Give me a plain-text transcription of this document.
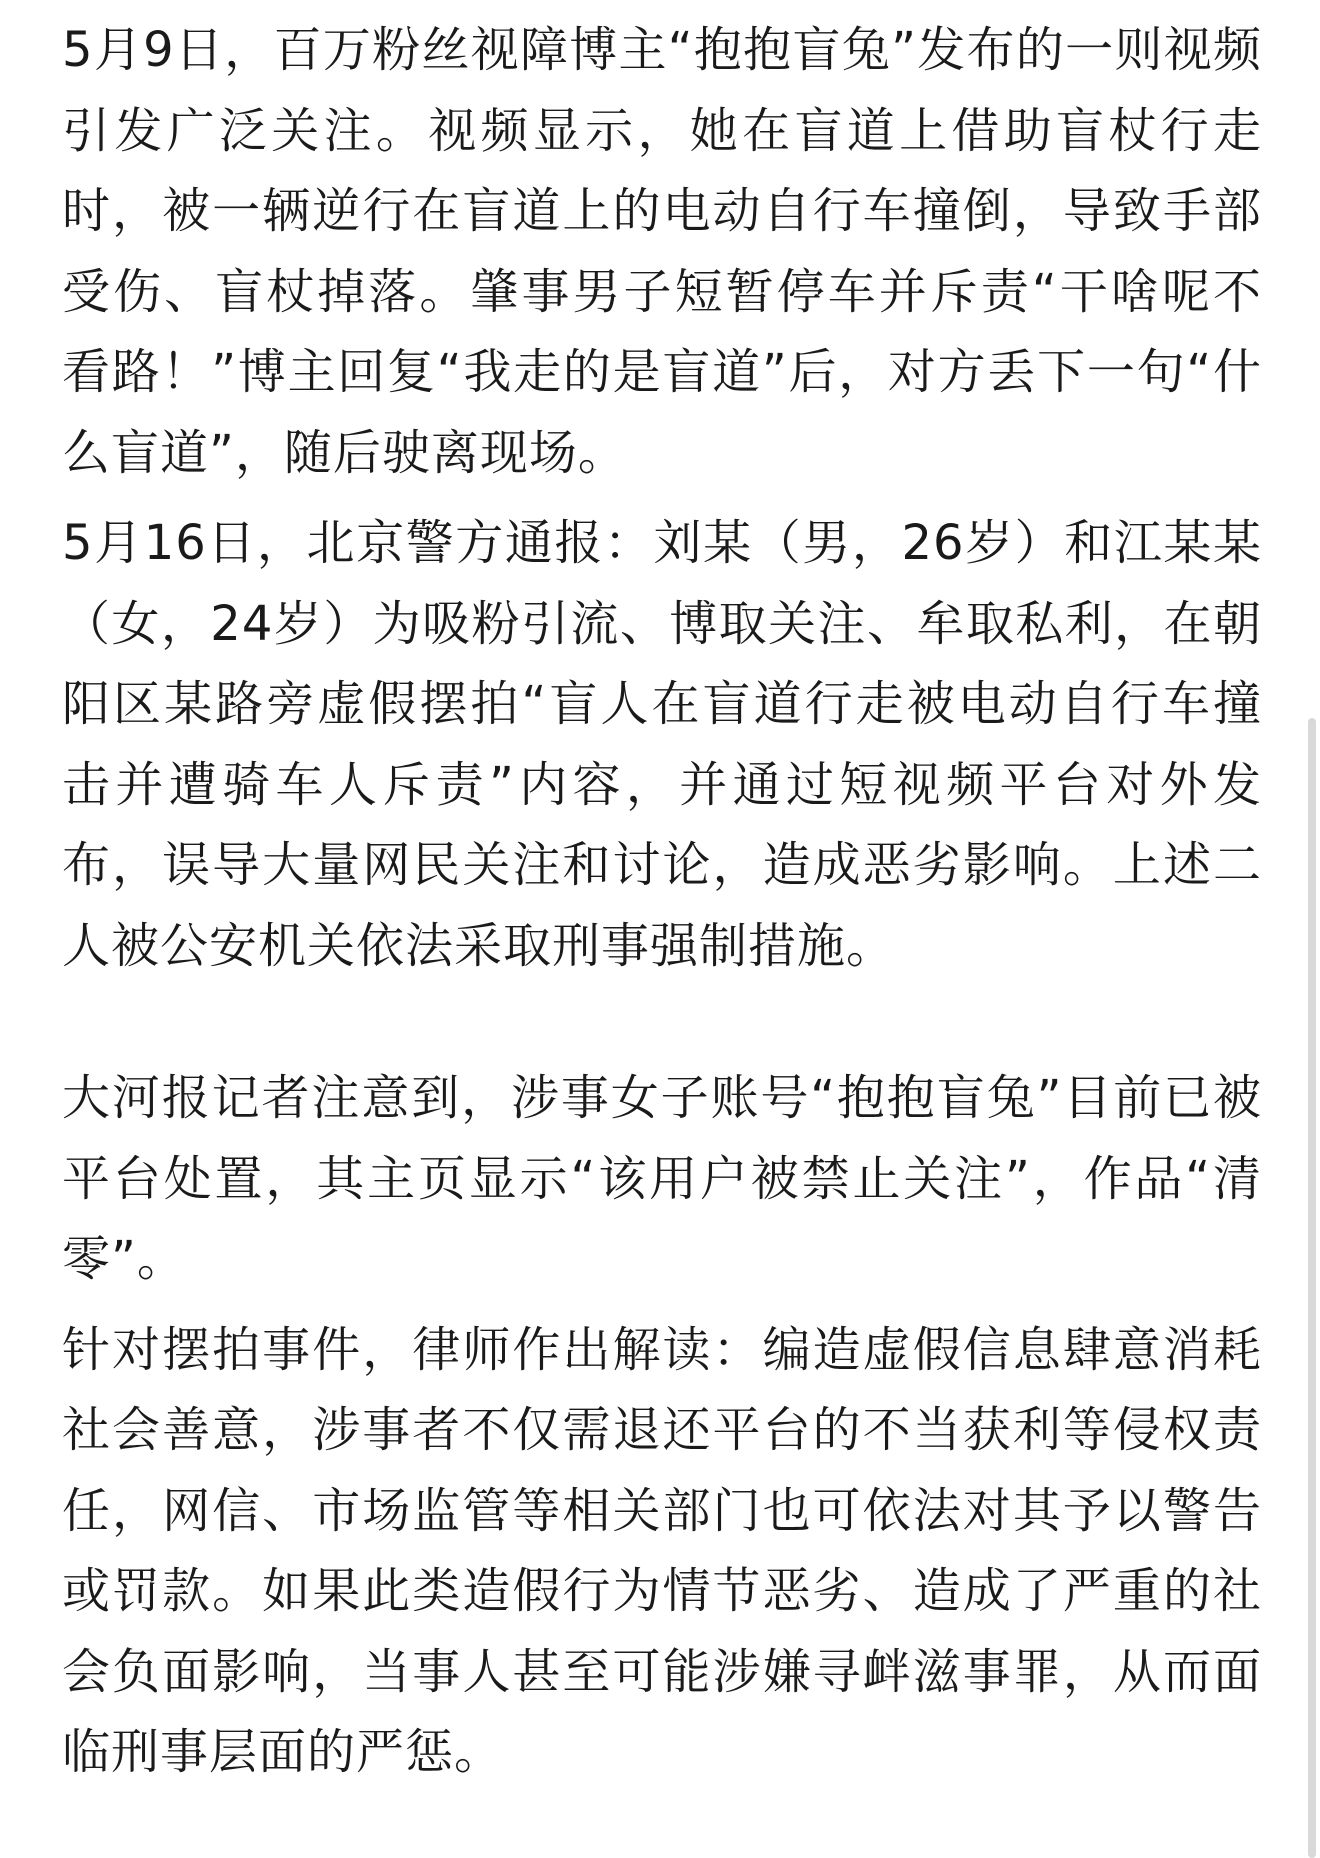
5月9日，百万粉丝视障博主“抱抱盲兔”发布的一则视频引发广泛关注。视频显示，她在盲道上借助盲杖行走时，被一辆逆行在盲道上的电动自行车撞倒，导致手部受伤、盲杖掉落。肇事男子短暂停车并斥责“干啥呢不看路！”博主回复“我走的是盲道”后，对方丢下一句“什么盲道”，随后驶离现场。

5月16日，北京警方通报：刘某（男，26岁）和江某某（女，24岁）为吸粉引流、博取关注、牟取私利，在朝阳区某路旁虚假摆拍“盲人在盲道行走被电动自行车撞击并遭骑车人斥责”内容，并通过短视频平台对外发布，误导大量网民关注和讨论，造成恶劣影响。上述二人被公安机关依法采取刑事强制措施。

大河报记者注意到，涉事女子账号“抱抱盲兔”目前已被平台处置，其主页显示“该用户被禁止关注”，作品“清零”。

针对摆拍事件，律师作出解读：编造虚假信息肆意消耗社会善意，涉事者不仅需退还平台的不当获利等侵权责任，网信、市场监管等相关部门也可依法对其予以警告或罚款。如果此类造假行为情节恶劣、造成了严重的社会负面影响，当事人甚至可能涉嫌寻衅滋事罪，从而面临刑事层面的严惩。
